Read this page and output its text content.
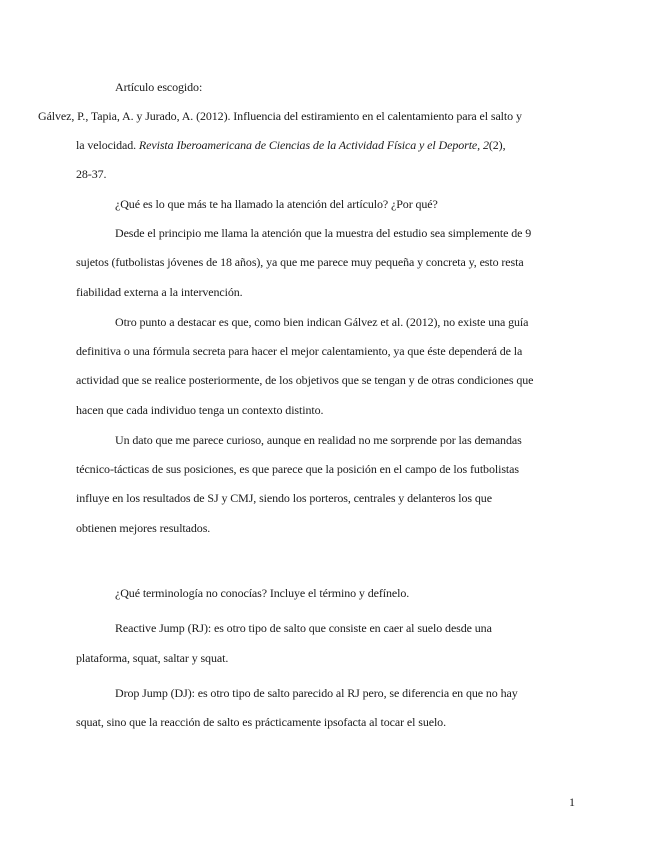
Artículo escogido:

Gálvez, P., Tapia, A. y Jurado, A. (2012). Influencia del estiramiento en el calentamiento para el salto y

la velocidad. Revista Iberoamericana de Ciencias de la Actividad Física y el Deporte, 2(2),

28-37.

¿Qué es lo que más te ha llamado la atención del artículo? ¿Por qué?

Desde el principio me llama la atención que la muestra del estudio sea simplemente de 9

sujetos (futbolistas jóvenes de 18 años), ya que me parece muy pequeña y concreta y, esto resta

fiabilidad externa a la intervención.

Otro punto a destacar es que, como bien indican Gálvez et al. (2012), no existe una guía

definitiva o una fórmula secreta para hacer el mejor calentamiento, ya que éste dependerá de la

actividad que se realice posteriormente, de los objetivos que se tengan y de otras condiciones que

hacen que cada individuo tenga un contexto distinto.

Un dato que me parece curioso, aunque en realidad no me sorprende por las demandas

técnico-tácticas de sus posiciones, es que parece que la posición en el campo de los futbolistas

influye en los resultados de SJ y CMJ, siendo los porteros, centrales y delanteros los que

obtienen mejores resultados.

¿Qué terminología no conocías? Incluye el término y defínelo.

Reactive Jump (RJ): es otro tipo de salto que consiste en caer al suelo desde una

plataforma, squat, saltar y squat.

Drop Jump (DJ): es otro tipo de salto parecido al RJ pero, se diferencia en que no hay

squat, sino que la reacción de salto es prácticamente ipsofacta al tocar el suelo.

1
